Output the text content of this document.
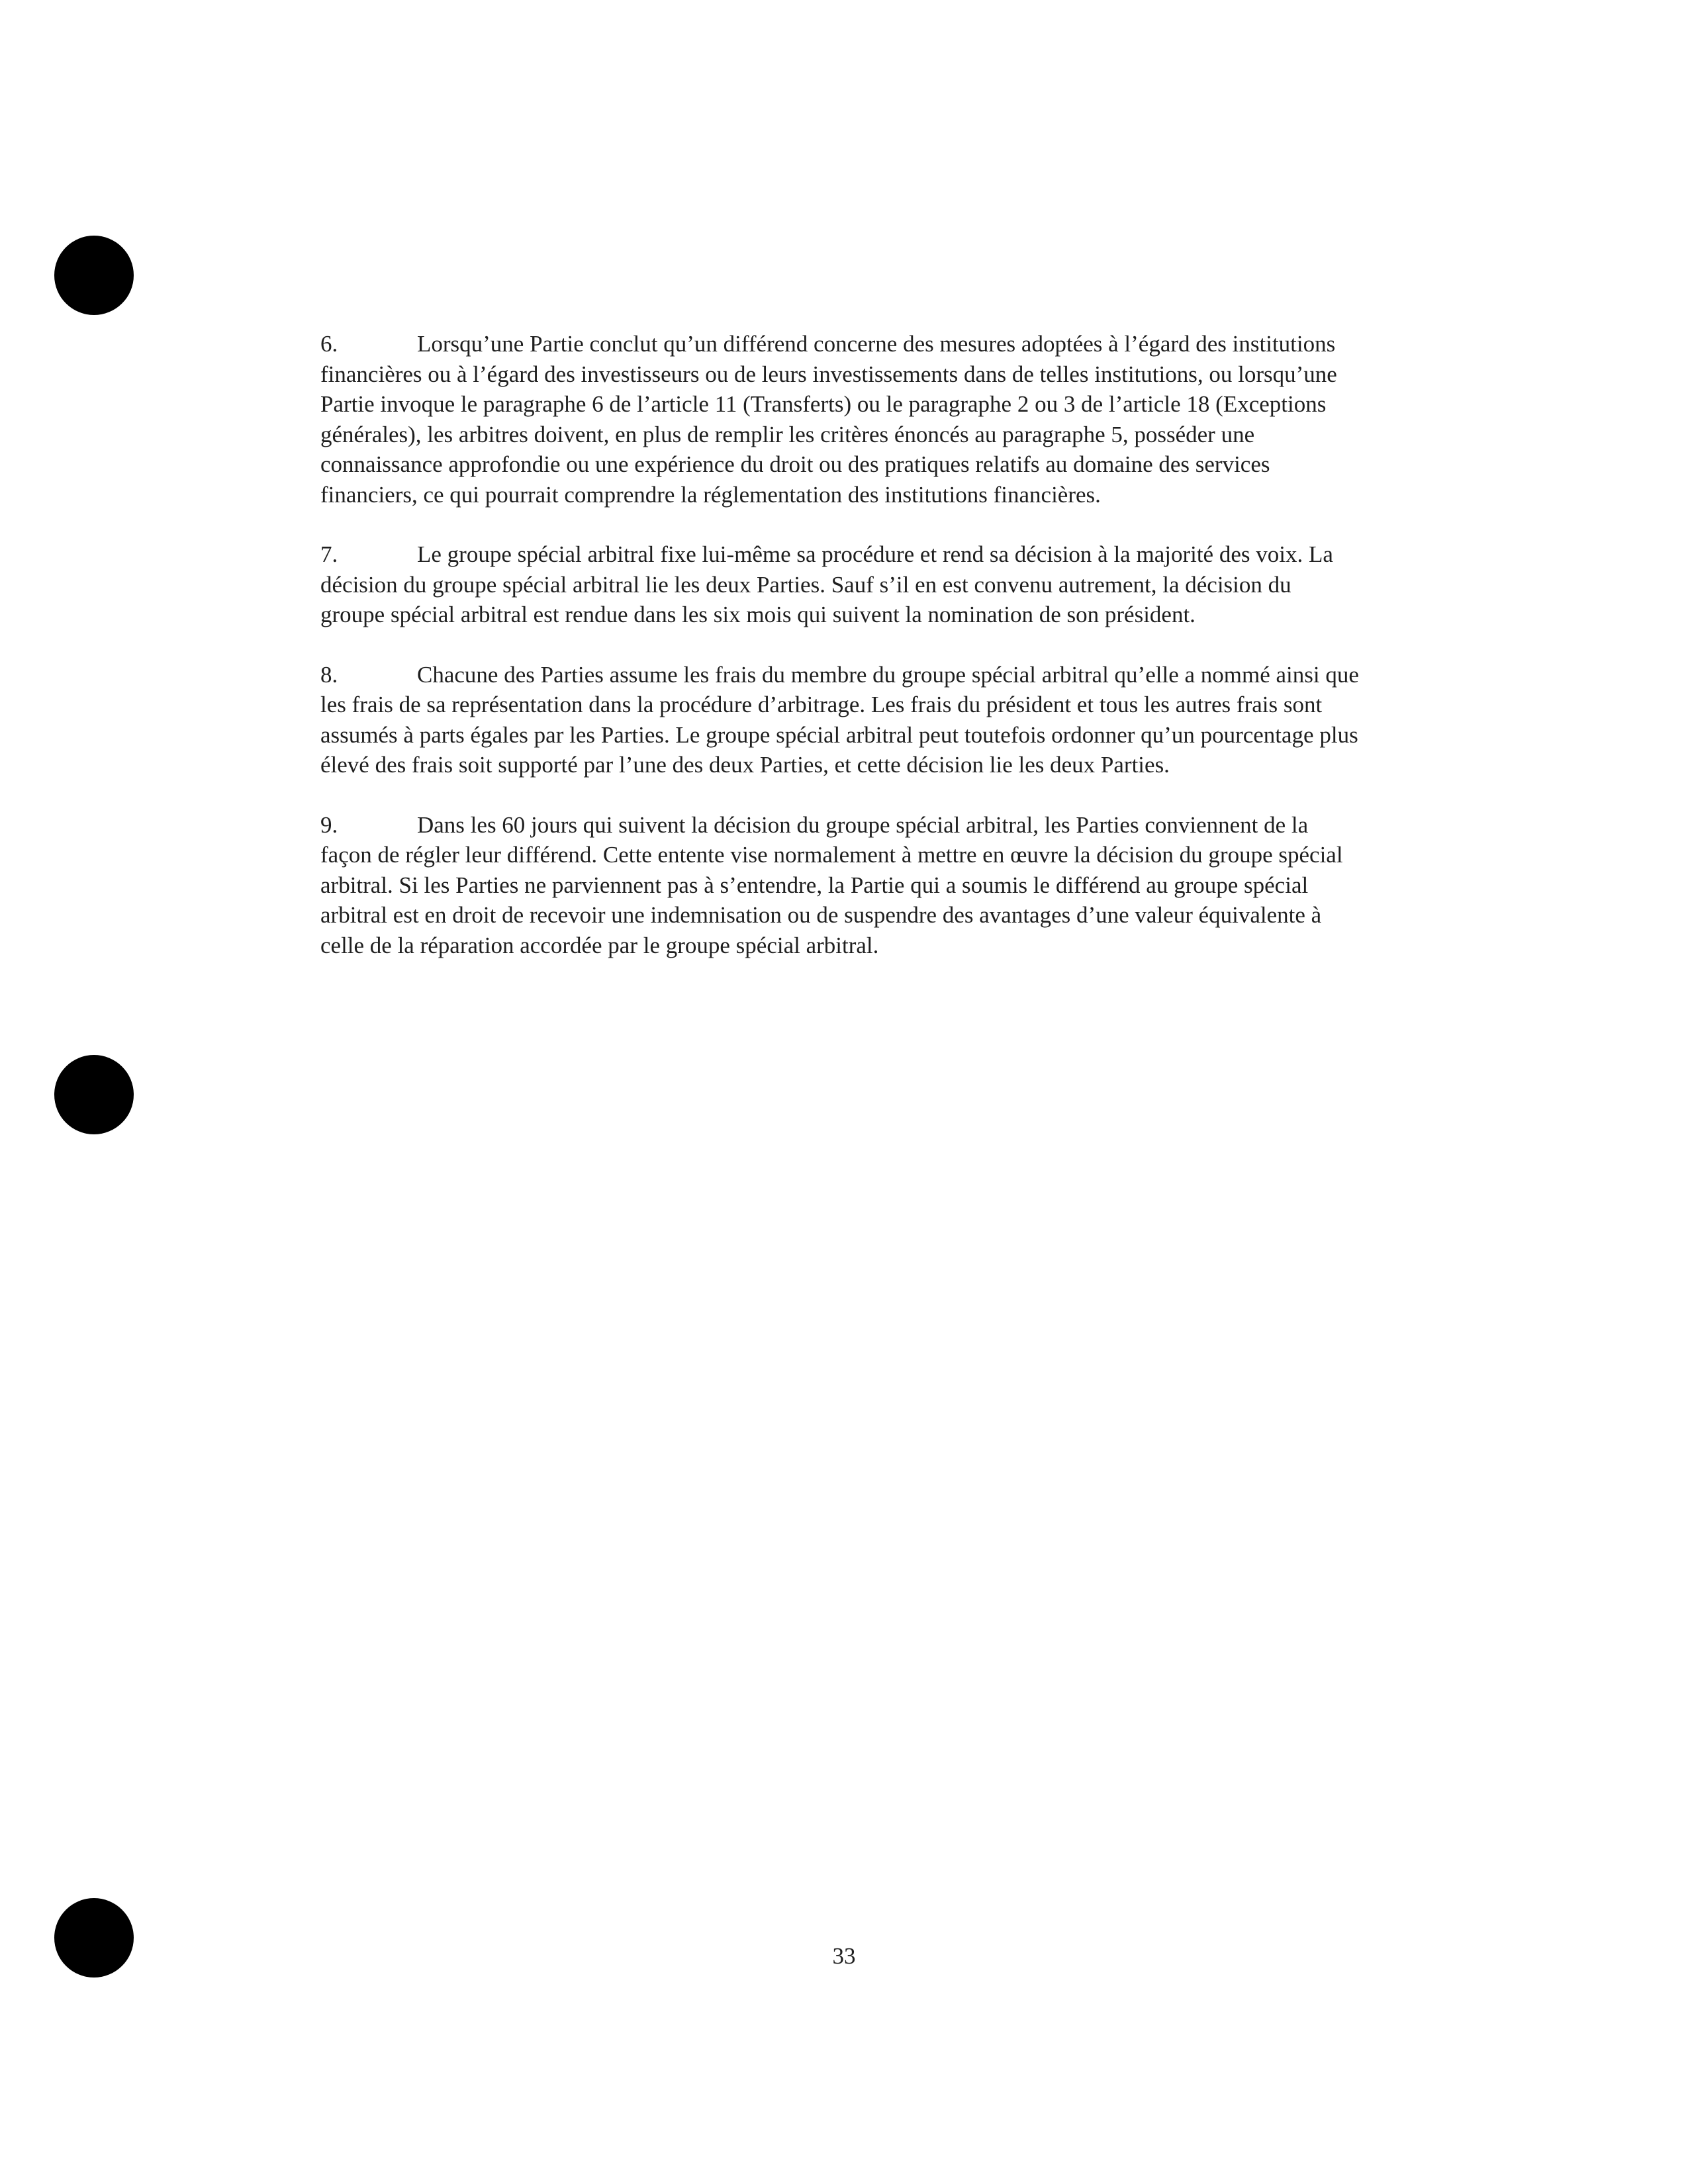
6.	Lorsqu’une Partie conclut qu’un différend concerne des mesures adoptées à l’égard des institutions financières ou à l’égard des investisseurs ou de leurs investissements dans de telles institutions, ou lorsqu’une Partie invoque le paragraphe 6 de l’article 11 (Transferts) ou le paragraphe 2 ou 3 de l’article 18 (Exceptions générales), les arbitres doivent, en plus de remplir les critères énoncés au paragraphe 5, posséder une connaissance approfondie ou une expérience du droit ou des pratiques relatifs au domaine des services financiers, ce qui pourrait comprendre la réglementation des institutions financières.

7.	Le groupe spécial arbitral fixe lui-même sa procédure et rend sa décision à la majorité des voix. La décision du groupe spécial arbitral lie les deux Parties. Sauf s’il en est convenu autrement, la décision du groupe spécial arbitral est rendue dans les six mois qui suivent la nomination de son président.

8.	Chacune des Parties assume les frais du membre du groupe spécial arbitral qu’elle a nommé ainsi que les frais de sa représentation dans la procédure d’arbitrage. Les frais du président et tous les autres frais sont assumés à parts égales par les Parties. Le groupe spécial arbitral peut toutefois ordonner qu’un pourcentage plus élevé des frais soit supporté par l’une des deux Parties, et cette décision lie les deux Parties.

9.	Dans les 60 jours qui suivent la décision du groupe spécial arbitral, les Parties conviennent de la façon de régler leur différend. Cette entente vise normalement à mettre en œuvre la décision du groupe spécial arbitral. Si les Parties ne parviennent pas à s’entendre, la Partie qui a soumis le différend au groupe spécial arbitral est en droit de recevoir une indemnisation ou de suspendre des avantages d’une valeur équivalente à celle de la réparation accordée par le groupe spécial arbitral.

33
